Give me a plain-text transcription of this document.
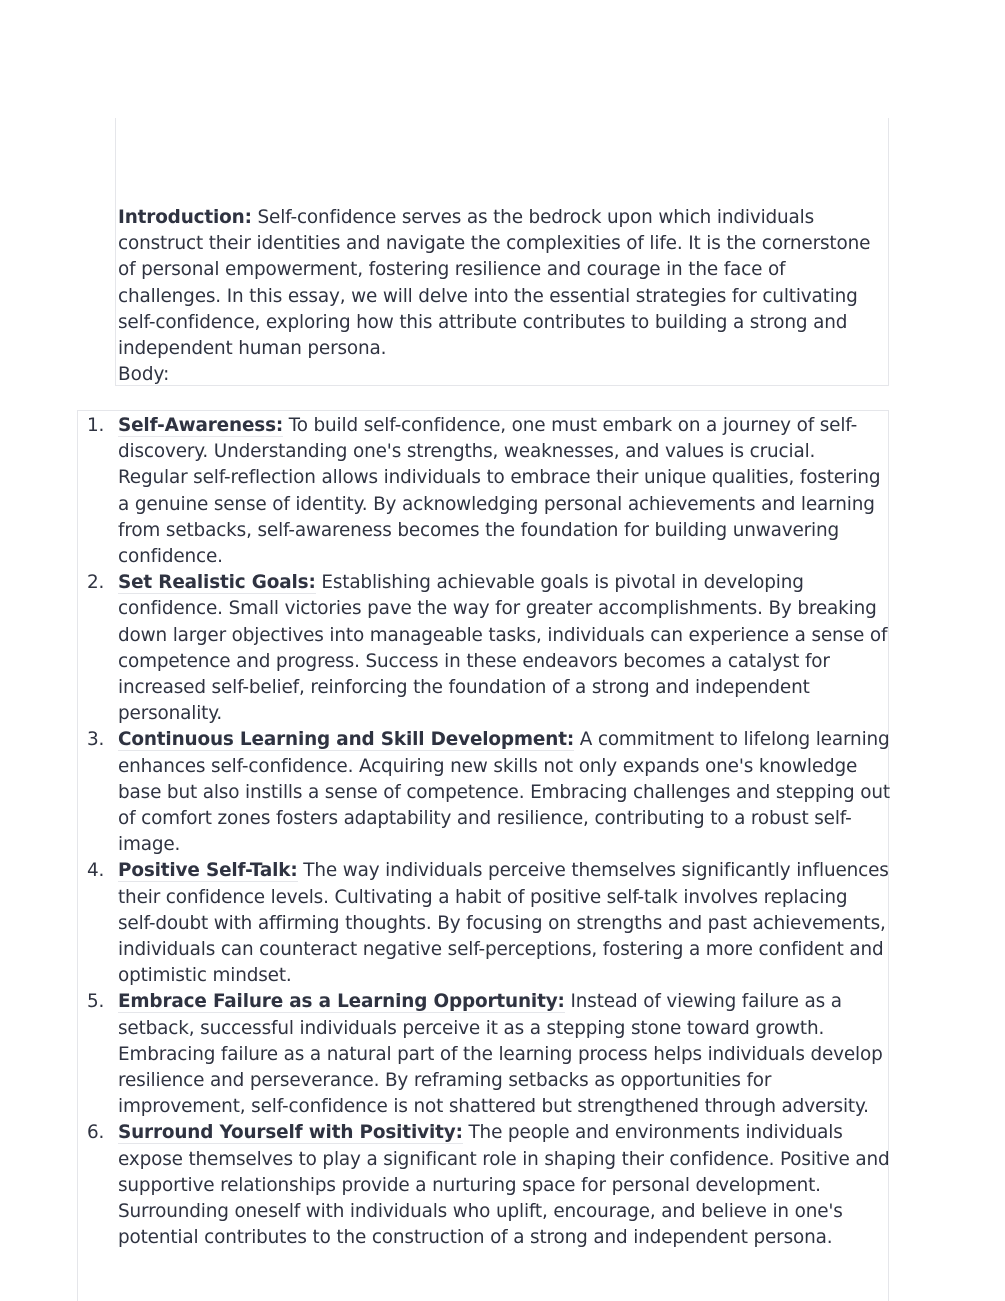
Introduction: Self-confidence serves as the bedrock upon which individuals construct their identities and navigate the complexities of life. It is the cornerstone of personal empowerment, fostering resilience and courage in the face of challenges. In this essay, we will delve into the essential strategies for cultivating self-confidence, exploring how this attribute contributes to building a strong and independent human persona.

Body:

1. Self-Awareness: To build self-confidence, one must embark on a journey of self-discovery. Understanding one's strengths, weaknesses, and values is crucial. Regular self-reflection allows individuals to embrace their unique qualities, fostering a genuine sense of identity. By acknowledging personal achievements and learning from setbacks, self-awareness becomes the foundation for building unwavering confidence.
2. Set Realistic Goals: Establishing achievable goals is pivotal in developing confidence. Small victories pave the way for greater accomplishments. By breaking down larger objectives into manageable tasks, individuals can experience a sense of competence and progress. Success in these endeavors becomes a catalyst for increased self-belief, reinforcing the foundation of a strong and independent personality.
3. Continuous Learning and Skill Development: A commitment to lifelong learning enhances self-confidence. Acquiring new skills not only expands one's knowledge base but also instills a sense of competence. Embracing challenges and stepping out of comfort zones fosters adaptability and resilience, contributing to a robust self-image.
4. Positive Self-Talk: The way individuals perceive themselves significantly influences their confidence levels. Cultivating a habit of positive self-talk involves replacing self-doubt with affirming thoughts. By focusing on strengths and past achievements, individuals can counteract negative self-perceptions, fostering a more confident and optimistic mindset.
5. Embrace Failure as a Learning Opportunity: Instead of viewing failure as a setback, successful individuals perceive it as a stepping stone toward growth. Embracing failure as a natural part of the learning process helps individuals develop resilience and perseverance. By reframing setbacks as opportunities for improvement, self-confidence is not shattered but strengthened through adversity.
6. Surround Yourself with Positivity: The people and environments individuals expose themselves to play a significant role in shaping their confidence. Positive and supportive relationships provide a nurturing space for personal development. Surrounding oneself with individuals who uplift, encourage, and believe in one's potential contributes to the construction of a strong and independent persona.
